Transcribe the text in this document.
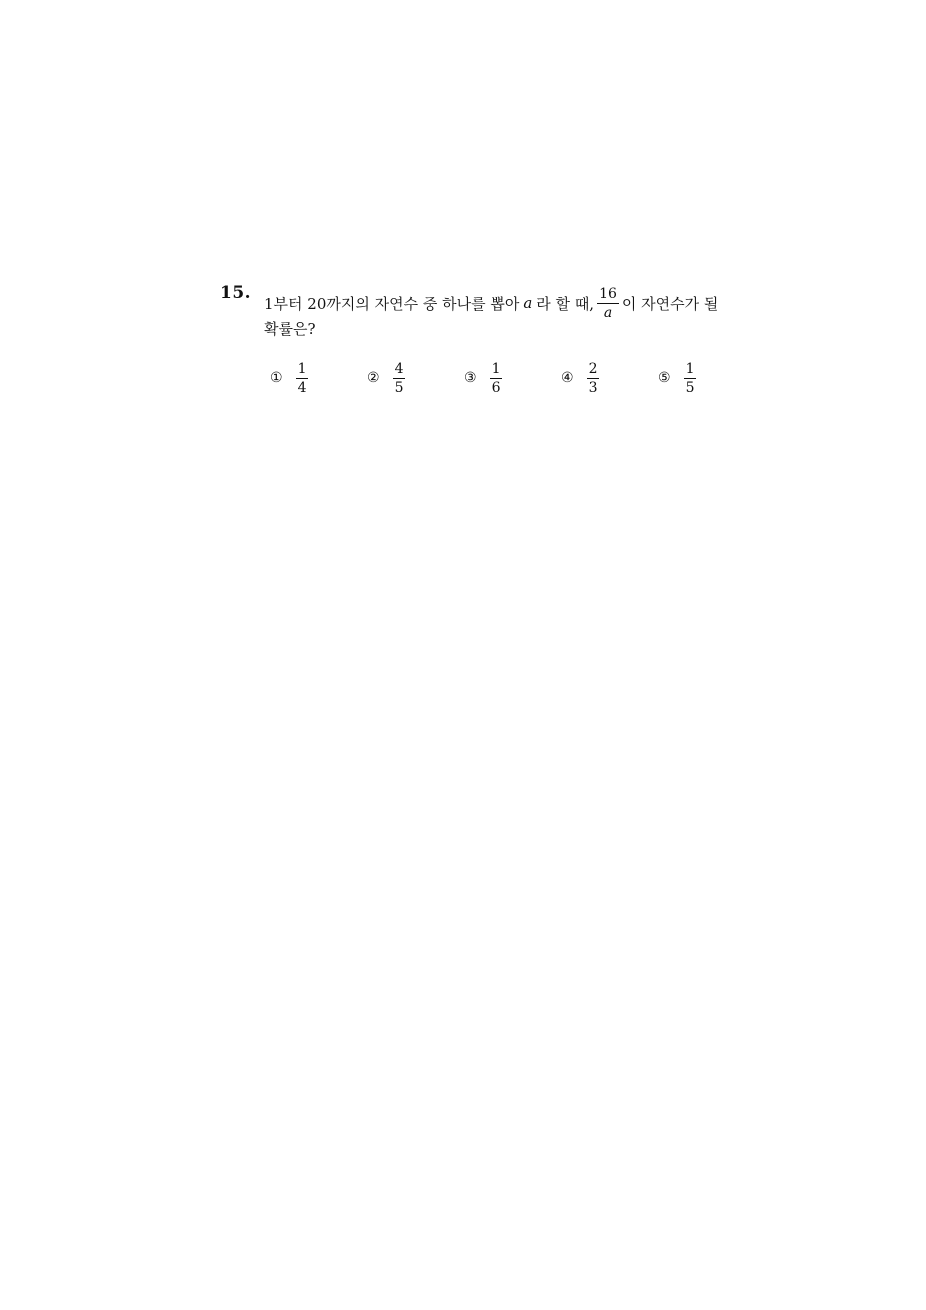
15.
1부터 20까지의 자연수 중 하나를 뽑아 a 라 할 때, $\frac{16}{a}$ 이 자연수가 될
확률은?
① $\frac{1}{4}$	② $\frac{4}{5}$	③ $\frac{1}{6}$	④ $\frac{2}{3}$	⑤ $\frac{1}{5}$
